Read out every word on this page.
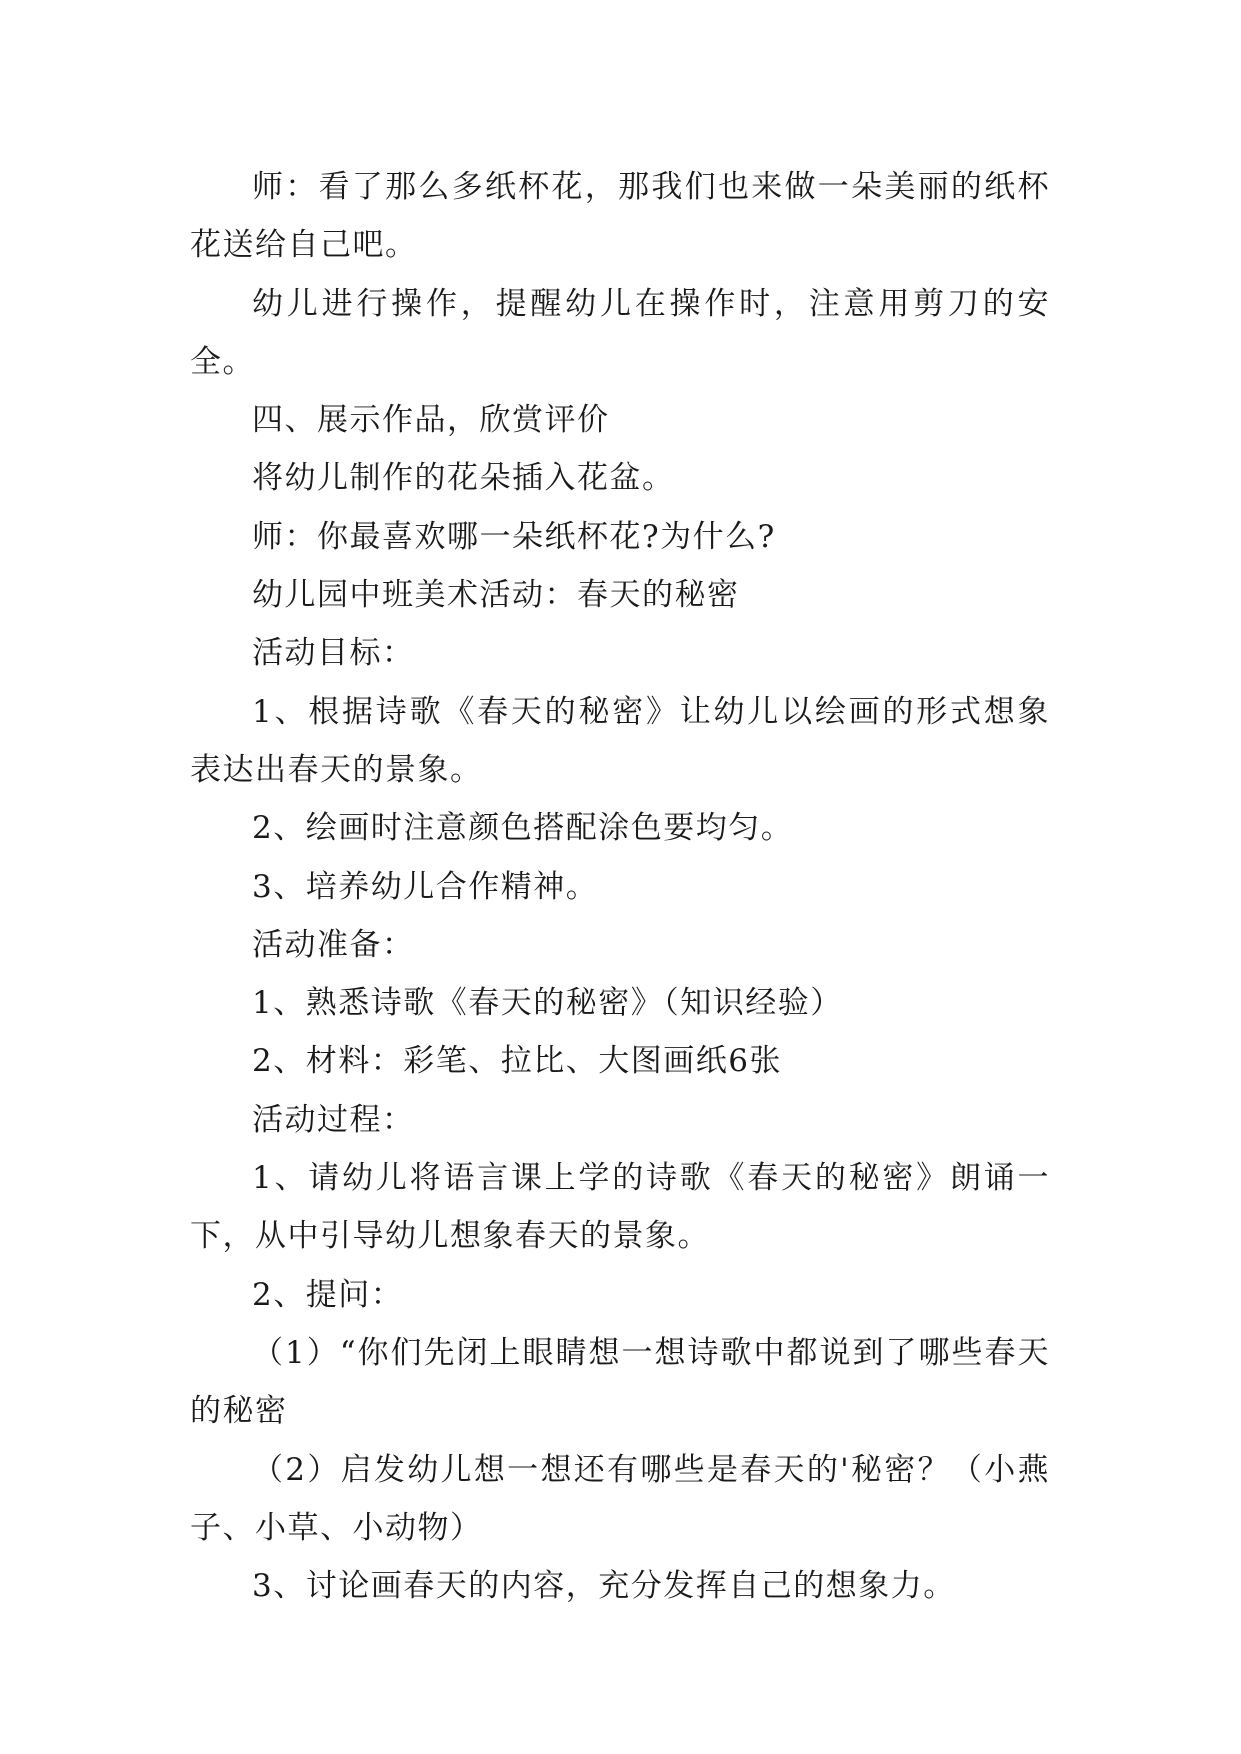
师：看了那么多纸杯花，那我们也来做一朵美丽的纸杯花送给自己吧。

幼儿进行操作，提醒幼儿在操作时，注意用剪刀的安全。

四、展示作品，欣赏评价

将幼儿制作的花朵插入花盆。

师：你最喜欢哪一朵纸杯花?为什么?

幼儿园中班美术活动：春天的秘密

活动目标：

1、根据诗歌《春天的秘密》让幼儿以绘画的形式想象表达出春天的景象。

2、绘画时注意颜色搭配涂色要均匀。

3、培养幼儿合作精神。

活动准备：

1、熟悉诗歌《春天的秘密》（知识经验）

2、材料：彩笔、拉比、大图画纸6张

活动过程：

1、请幼儿将语言课上学的诗歌《春天的秘密》朗诵一下，从中引导幼儿想象春天的景象。

2、提问：

（1）“你们先闭上眼睛想一想诗歌中都说到了哪些春天的秘密

（2）启发幼儿想一想还有哪些是春天的'秘密？（小燕子、小草、小动物）

3、讨论画春天的内容，充分发挥自己的想象力。
